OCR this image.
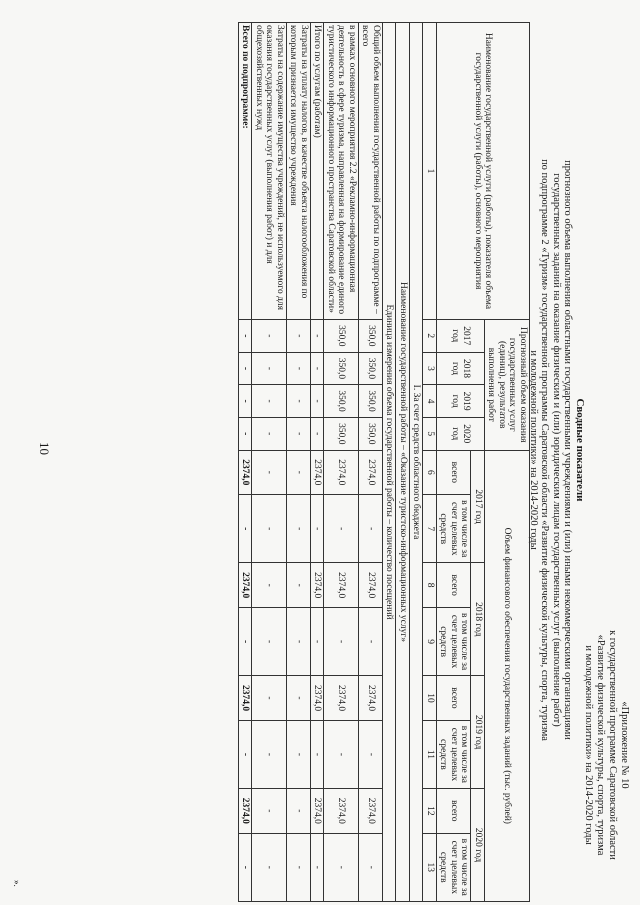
10
«Приложение № 10
к государственной программе Саратовской области
«Развитие физической культуры, спорта, туризма
и молодежной политики» на 2014-2020 годы
Сводные показатели
прогнозного объема выполнения областными государственными учреждениями и (или) иными некоммерческими организациями
государственных заданий на оказание физическим и (или) юридическим лицам государственных услуг (выполнение работ)
по подпрограмме 2 «Туризм» государственной программы Саратовской области «Развитие физической культуры, спорта, туризма
и молодежной политики» на 2014-2020 годы
Наименование государственной услуги (работы), показателя объема государственной услуги (работы), основного мероприятия	Прогнозный объем оказания государственных услуг (единиц), результатов выполнения работ				Объем финансового обеспечения государственных заданий (тыс. рублей)							
	2017 год	2018 год	2019 год	2020 год	2017 год		2018 год		2019 год		2020 год	
					всего	в том числе за счет целевых средств	всего	в том числе за счет целевых средств	всего	в том числе за счет целевых средств	всего	в том числе за счет целевых средств
1	2	3	4	5	6	7	8	9	10	11	12	13
I. За счет средств областного бюджета												
Наименование государственной работы – «Оказание туристско-информационных услуг»												
Единица измерения объема государственной работы – количество посещений												
Общий объем выполнения государственной работы по подпрограмме – всего	350,0	350,0	350,0	350,0	2374,0	-	2374,0	-	2374,0	-	2374,0	-
в рамках основного мероприятия 2.2 «Рекламно-информационная деятельность в сфере туризма, направленная на формирование единого туристического информационного пространства Саратовской области»	350,0	350,0	350,0	350,0	2374,0	-	2374,0	-	2374,0	-	2374,0	-
Итого по услугам (работам)	-	-	-	-	2374,0	-	2374,0	-	2374,0	-	2374,0	-
Затраты на уплату налогов, в качестве объекта налогообложения по которым признается имущество учреждения	-	-	-	-	-	-	-	-	-	-	-	-
Затраты на содержание имущества учреждений, не используемого для оказания государственных услуг (выполнения работ) и для общехозяйственных нужд	-	-	-	-	-	-	-	-	-	-	-	-
Всего по подпрограмме:	-	-	-	-	2374,0	-	2374,0	-	2374,0	-	2374,0	-
».
